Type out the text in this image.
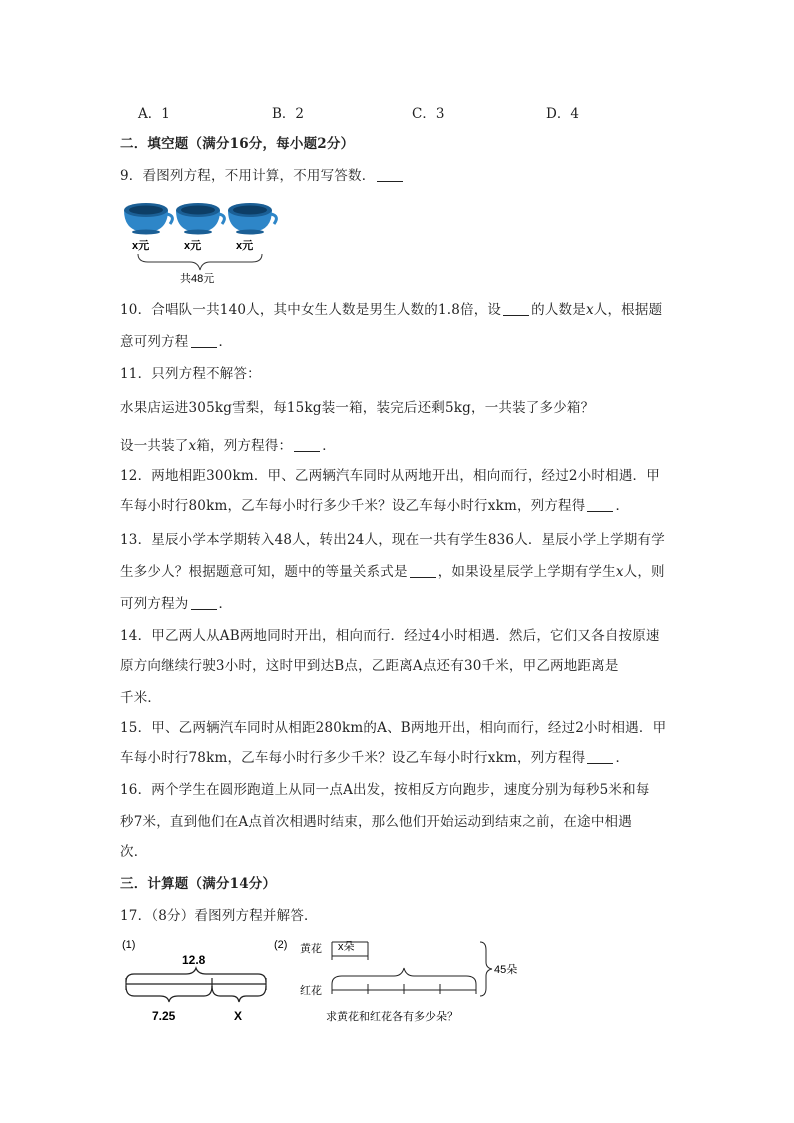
A．1	B．2	C．3	D．4
二．填空题（满分16分，每小题2分）
9．看图列方程，不用计算，不用写答数．
x元	x元	x元
共48元
10．合唱队一共140人，其中女生人数是男生人数的1.8倍，设 的人数是x人，根据题
意可列方程 ．
11．只列方程不解答：
水果店运进305kg雪梨，每15kg装一箱，装完后还剩5kg，一共装了多少箱？
设一共装了x箱，列方程得： ．
12．两地相距300km．甲、乙两辆汽车同时从两地开出，相向而行，经过2小时相遇．甲
车每小时行80km，乙车每小时行多少千米？设乙车每小时行xkm，列方程得 ．
13．星辰小学本学期转入48人，转出24人，现在一共有学生836人．星辰小学上学期有学
生多少人？根据题意可知，题中的等量关系式是 ，如果设星辰学上学期有学生x人，则
可列方程为 ．
14．甲乙两人从AB两地同时开出，相向而行．经过4小时相遇．然后，它们又各自按原速
原方向继续行驶3小时，这时甲到达B点，乙距离A点还有30千米，甲乙两地距离是
千米．
15．甲、乙两辆汽车同时从相距280km的A、B两地开出，相向而行，经过2小时相遇．甲
车每小时行78km，乙车每小时行多少千米？设乙车每小时行xkm，列方程得 ．
16．两个学生在圆形跑道上从同一点A出发，按相反方向跑步，速度分别为每秒5米和每
秒7米，直到他们在A点首次相遇时结束，那么他们开始运动到结束之前，在途中相遇
次．
三．计算题（满分14分）
17．（8分）看图列方程并解答．
(1)
12.8
7.25	X
(2) 黄花 x朵
红花
45朵
求黄花和红花各有多少朵？
